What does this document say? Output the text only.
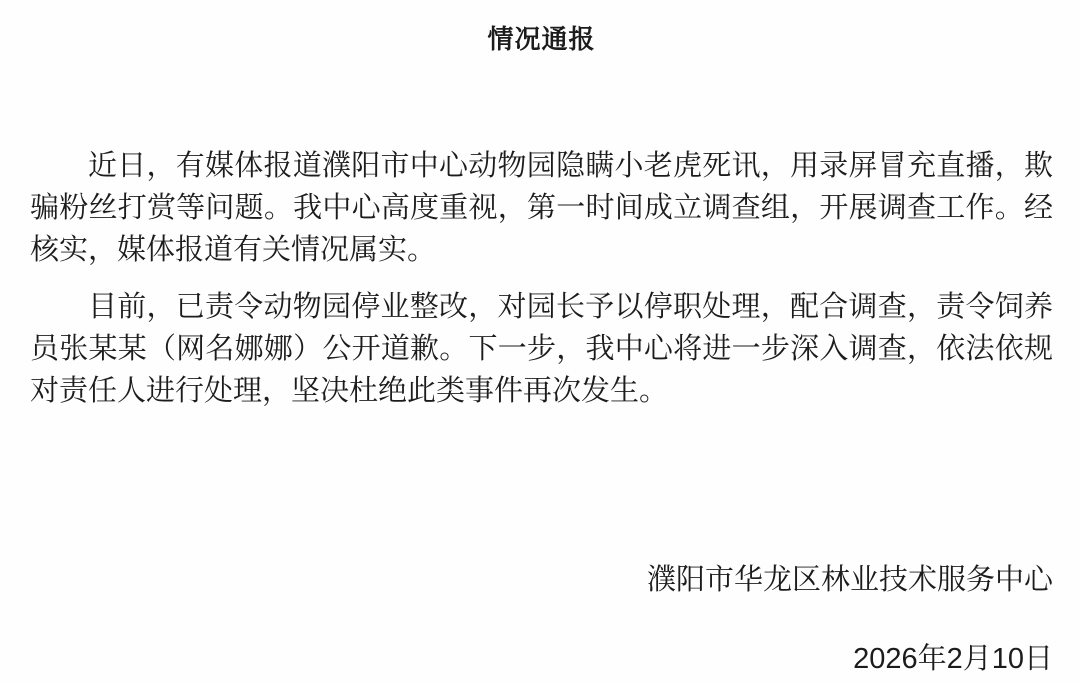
情况通报

近日，有媒体报道濮阳市中心动物园隐瞒小老虎死讯，用录屏冒充直播，欺骗粉丝打赏等问题。我中心高度重视，第一时间成立调查组，开展调查工作。经核实，媒体报道有关情况属实。

目前，已责令动物园停业整改，对园长予以停职处理，配合调查，责令饲养员张某某（网名娜娜）公开道歉。下一步，我中心将进一步深入调查，依法依规对责任人进行处理，坚决杜绝此类事件再次发生。

濮阳市华龙区林业技术服务中心
2026年2月10日
